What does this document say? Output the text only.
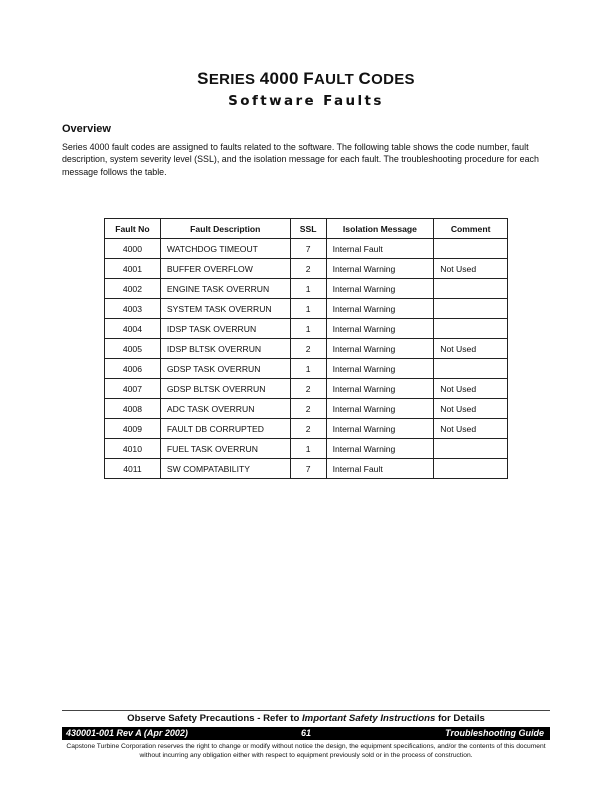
SERIES 4000 FAULT CODES
Software Faults
Overview

Series 4000 fault codes are assigned to faults related to the software. The following table shows the code number, fault description, system severity level (SSL), and the isolation message for each fault. The troubleshooting procedure for each message follows the table.

Fault No	Fault Description	SSL	Isolation Message	Comment
4000	WATCHDOG TIMEOUT	7	Internal Fault	
4001	BUFFER OVERFLOW	2	Internal Warning	Not Used
4002	ENGINE TASK OVERRUN	1	Internal Warning	
4003	SYSTEM TASK OVERRUN	1	Internal Warning	
4004	IDSP TASK OVERRUN	1	Internal Warning	
4005	IDSP BLTSK OVERRUN	2	Internal Warning	Not Used
4006	GDSP TASK OVERRUN	1	Internal Warning	
4007	GDSP BLTSK OVERRUN	2	Internal Warning	Not Used
4008	ADC TASK OVERRUN	2	Internal Warning	Not Used
4009	FAULT DB CORRUPTED	2	Internal Warning	Not Used
4010	FUEL TASK OVERRUN	1	Internal Warning	
4011	SW COMPATABILITY	7	Internal Fault	
Observe Safety Precautions - Refer to Important Safety Instructions for Details
61
430001-001 Rev A (Apr 2002)	Troubleshooting Guide

Capstone Turbine Corporation reserves the right to change or modify without notice the design, the equipment specifications, and/or the contents of this document without incurring any obligation either with respect to equipment previously sold or in the process of construction.
